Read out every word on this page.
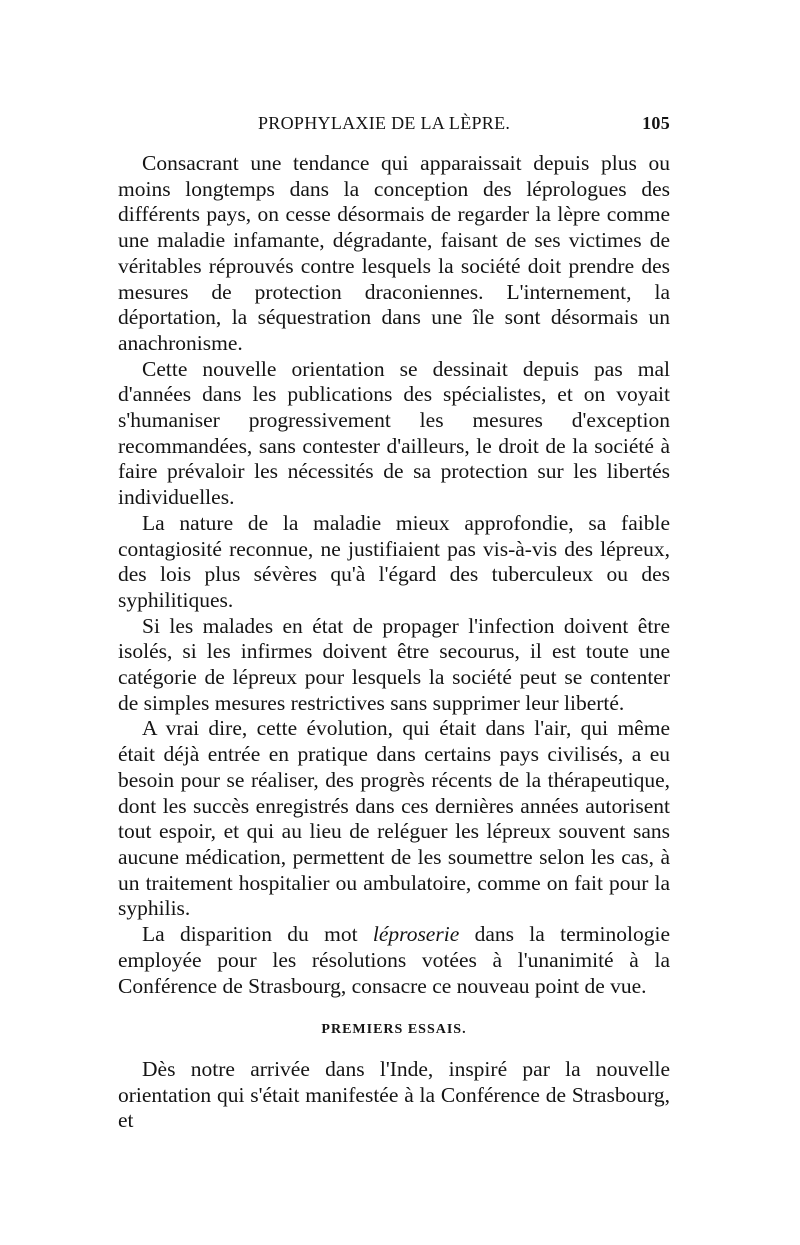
PROPHYLAXIE DE LA LÈPRE.	105

Consacrant une tendance qui apparaissait depuis plus ou moins longtemps dans la conception des léprologues des différents pays, on cesse désormais de regarder la lèpre comme une maladie infamante, dégradante, faisant de ses victimes de véritables réprouvés contre lesquels la société doit prendre des mesures de protection draconiennes. L'internement, la déportation, la séquestration dans une île sont désormais un anachronisme.

Cette nouvelle orientation se dessinait depuis pas mal d'années dans les publications des spécialistes, et on voyait s'humaniser progressivement les mesures d'exception recommandées, sans contester d'ailleurs, le droit de la société à faire prévaloir les nécessités de sa protection sur les libertés individuelles.

La nature de la maladie mieux approfondie, sa faible contagiosité reconnue, ne justifiaient pas vis-à-vis des lépreux, des lois plus sévères qu'à l'égard des tuberculeux ou des syphilitiques.

Si les malades en état de propager l'infection doivent être isolés, si les infirmes doivent être secourus, il est toute une catégorie de lépreux pour lesquels la société peut se contenter de simples mesures restrictives sans supprimer leur liberté.

A vrai dire, cette évolution, qui était dans l'air, qui même était déjà entrée en pratique dans certains pays civilisés, a eu besoin pour se réaliser, des progrès récents de la thérapeutique, dont les succès enregistrés dans ces dernières années autorisent tout espoir, et qui au lieu de reléguer les lépreux souvent sans aucune médication, permettent de les soumettre selon les cas, à un traitement hospitalier ou ambulatoire, comme on fait pour la syphilis.

La disparition du mot léproserie dans la terminologie employée pour les résolutions votées à l'unanimité à la Conférence de Strasbourg, consacre ce nouveau point de vue.

PREMIERS ESSAIS.

Dès notre arrivée dans l'Inde, inspiré par la nouvelle orientation qui s'était manifestée à la Conférence de Strasbourg, et
